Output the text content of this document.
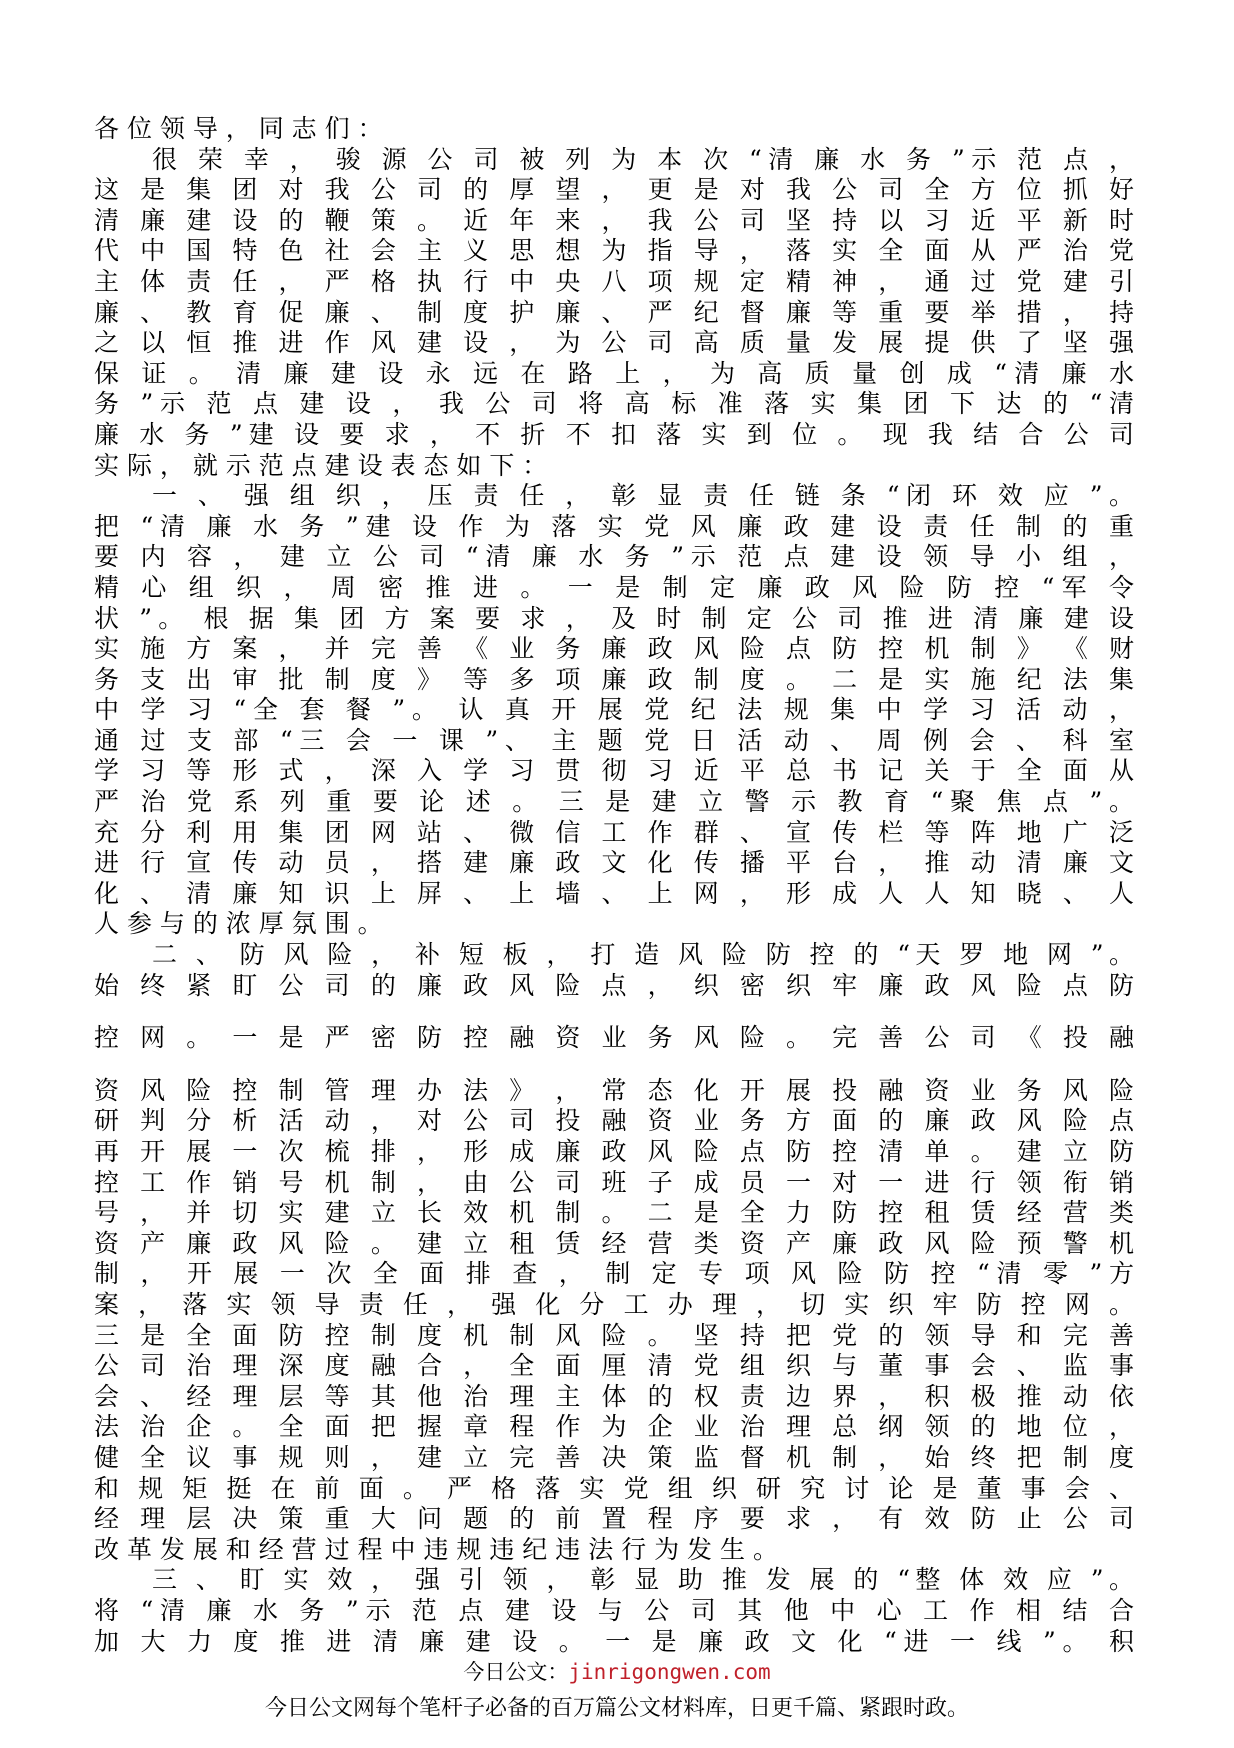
各 位 领 导 ， 同 志 们 ：
很 荣 幸 ， 骏 源 公 司 被 列 为 本 次 “清 廉 水 务 ”示 范 点 ，
这 是 集 团 对 我 公 司 的 厚 望 ， 更 是 对 我 公 司 全 方 位 抓 好
清 廉 建 设 的 鞭 策 。 近 年 来 ， 我 公 司 坚 持 以 习 近 平 新 时
代 中 国 特 色 社 会 主 义 思 想 为 指 导 ， 落 实 全 面 从 严 治 党
主 体 责 任 ， 严 格 执 行 中 央 八 项 规 定 精 神 ， 通 过 党 建 引
廉 、 教 育 促 廉 、 制 度 护 廉 、 严 纪 督 廉 等 重 要 举 措 ， 持
之 以 恒 推 进 作 风 建 设 ， 为 公 司 高 质 量 发 展 提 供 了 坚 强
保 证 。 清 廉 建 设 永 远 在 路 上 ， 为 高 质 量 创 成 “清 廉 水
务 ”示 范 点 建 设 ， 我 公 司 将 高 标 准 落 实 集 团 下 达 的 “清
廉 水 务 ”建 设 要 求 ， 不 折 不 扣 落 实 到 位 。 现 我 结 合 公 司
实 际 ， 就 示 范 点 建 设 表 态 如 下 ：
一 、 强 组 织 ， 压 责 任 ， 彰 显 责 任 链 条 “闭 环 效 应 ”。
把 “清 廉 水 务 ”建 设 作 为 落 实 党 风 廉 政 建 设 责 任 制 的 重
要 内 容 ， 建 立 公 司 “清 廉 水 务 ”示 范 点 建 设 领 导 小 组 ，
精 心 组 织 ， 周 密 推 进 。 一 是 制 定 廉 政 风 险 防 控 “军 令
状 ”。 根 据 集 团 方 案 要 求 ， 及 时 制 定 公 司 推 进 清 廉 建 设
实 施 方 案 ， 并 完 善 《 业 务 廉 政 风 险 点 防 控 机 制 》 《 财
务 支 出 审 批 制 度 》 等 多 项 廉 政 制 度 。 二 是 实 施 纪 法 集
中 学 习 “全 套 餐 ”。 认 真 开 展 党 纪 法 规 集 中 学 习 活 动 ，
通 过 支 部 “三 会 一 课 ”、 主 题 党 日 活 动 、 周 例 会 、 科 室
学 习 等 形 式 ， 深 入 学 习 贯 彻 习 近 平 总 书 记 关 于 全 面 从
严 治 党 系 列 重 要 论 述 。 三 是 建 立 警 示 教 育 “聚 焦 点 ”。
充 分 利 用 集 团 网 站 、 微 信 工 作 群 、 宣 传 栏 等 阵 地 广 泛
进 行 宣 传 动 员 ， 搭 建 廉 政 文 化 传 播 平 台 ， 推 动 清 廉 文
化 、 清 廉 知 识 上 屏 、 上 墙 、 上 网 ， 形 成 人 人 知 晓 、 人
人 参 与 的 浓 厚 氛 围 。
二 、 防 风 险 ， 补 短 板 ， 打 造 风 险 防 控 的 “天 罗 地 网 ”。
始 终 紧 盯 公 司 的 廉 政 风 险 点 ， 织 密 织 牢 廉 政 风 险 点 防
控 网 。 一 是 严 密 防 控 融 资 业 务 风 险 。 完 善 公 司 《 投 融
资 风 险 控 制 管 理 办 法 》 ， 常 态 化 开 展 投 融 资 业 务 风 险
研 判 分 析 活 动 ， 对 公 司 投 融 资 业 务 方 面 的 廉 政 风 险 点
再 开 展 一 次 梳 排 ， 形 成 廉 政 风 险 点 防 控 清 单 。 建 立 防
控 工 作 销 号 机 制 ， 由 公 司 班 子 成 员 一 对 一 进 行 领 衔 销
号 ， 并 切 实 建 立 长 效 机 制 。 二 是 全 力 防 控 租 赁 经 营 类
资 产 廉 政 风 险 。 建 立 租 赁 经 营 类 资 产 廉 政 风 险 预 警 机
制 ， 开 展 一 次 全 面 排 查 ， 制 定 专 项 风 险 防 控 “清 零 ”方
案 ， 落 实 领 导 责 任 ， 强 化 分 工 办 理 ， 切 实 织 牢 防 控 网 。
三 是 全 面 防 控 制 度 机 制 风 险 。 坚 持 把 党 的 领 导 和 完 善
公 司 治 理 深 度 融 合 ， 全 面 厘 清 党 组 织 与 董 事 会 、 监 事
会 、 经 理 层 等 其 他 治 理 主 体 的 权 责 边 界 ， 积 极 推 动 依
法 治 企 。 全 面 把 握 章 程 作 为 企 业 治 理 总 纲 领 的 地 位 ，
健 全 议 事 规 则 ， 建 立 完 善 决 策 监 督 机 制 ， 始 终 把 制 度
和 规 矩 挺 在 前 面 。 严 格 落 实 党 组 织 研 究 讨 论 是 董 事 会 、
经 理 层 决 策 重 大 问 题 的 前 置 程 序 要 求 ， 有 效 防 止 公 司
改 革 发 展 和 经 营 过 程 中 违 规 违 纪 违 法 行 为 发 生 。
三 、 盯 实 效 ， 强 引 领 ， 彰 显 助 推 发 展 的 “整 体 效 应 ”。
将 “清 廉 水 务 ”示 范 点 建 设 与 公 司 其 他 中 心 工 作 相 结 合
加 大 力 度 推 进 清 廉 建 设 。 一 是 廉 政 文 化 “进 一 线 ”。 积
今日公文：jinrigongwen.com
今日公文网每个笔杆子必备的百万篇公文材料库，日更千篇、紧跟时政。
